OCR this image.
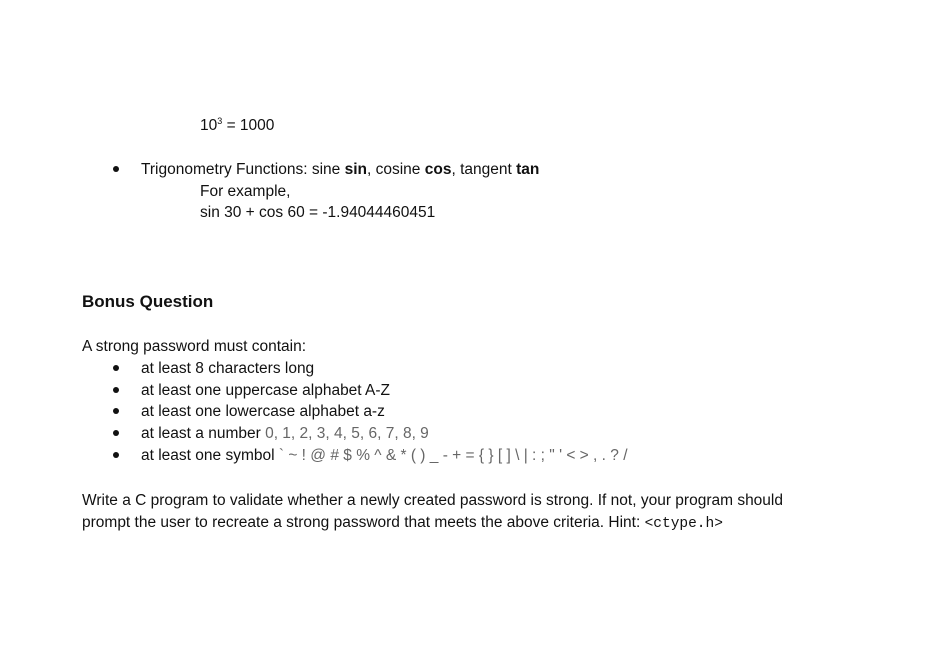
$10^3 = 1000$
Trigonometry Functions: sine sin, cosine cos, tangent tan
For example,
sin 30 + cos 60 = -1.94044460451
Bonus Question
A strong password must contain:
at least 8 characters long
at least one uppercase alphabet A-Z
at least one lowercase alphabet a-z
at least a number 0, 1, 2, 3, 4, 5, 6, 7, 8, 9
at least one symbol ` ~ ! @ # $ % ^ & * ( ) _ - + = { } [ ] \ | : ; " ' < > , . ? /
Write a C program to validate whether a newly created password is strong. If not, your program should
prompt the user to recreate a strong password that meets the above criteria. Hint: <ctype.h>
